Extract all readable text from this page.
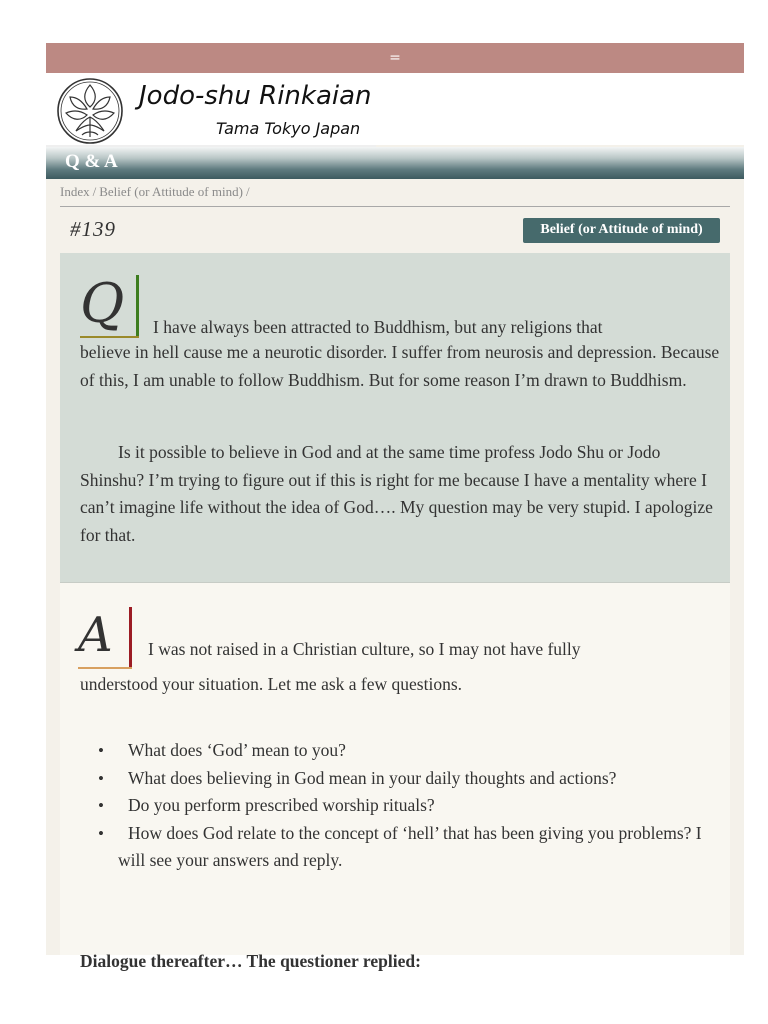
=
Jodo-shu Rinkaian
Tama Tokyo Japan
Q & A
Index / Belief (or Attitude of mind) /
#139	Belief (or Attitude of mind)
Q I have always been attracted to Buddhism, but any religions that
believe in hell cause me a neurotic disorder. I suffer from neurosis and depression. Because of this, I am unable to follow Buddhism. But for some reason I’m drawn to Buddhism.
Is it possible to believe in God and at the same time profess Jodo Shu or Jodo Shinshu? I’m trying to figure out if this is right for me because I have a mentality where I can’t imagine life without the idea of God…. My question may be very stupid. I apologize for that.
A I was not raised in a Christian culture, so I may not have fully
understood your situation. Let me ask a few questions.
• What does ‘God’ mean to you?
• What does believing in God mean in your daily thoughts and actions?
• Do you perform prescribed worship rituals?
• How does God relate to the concept of ‘hell’ that has been giving you problems? I will see your answers and reply.
Dialogue thereafter… The questioner replied:
